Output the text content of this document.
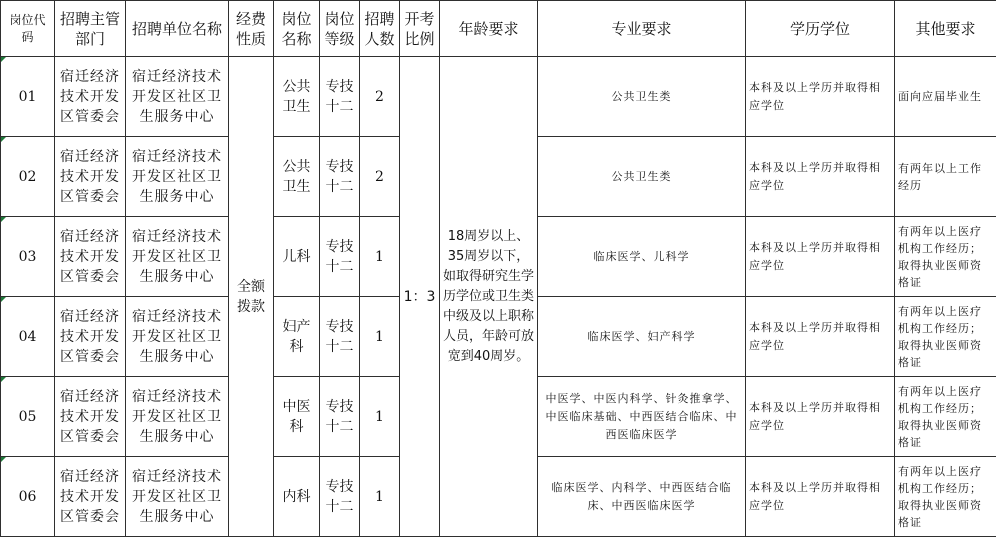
岗位代码	招聘主管部门	招聘单位名称	经费性质	岗位名称	岗位等级	招聘人数	开考比例	年龄要求	专业要求	学历学位	其他要求
01	宿迁经济技术开发区管委会	宿迁经济技术开发区社区卫生服务中心	全额拨款	公共卫生	专技十二	2	1：3	18周岁以上、35周岁以下，如取得研究生学历学位或卫生类中级及以上职称人员，年龄可放宽到40周岁。	公共卫生类	本科及以上学历并取得相应学位	面向应届毕业生
02	宿迁经济技术开发区管委会	宿迁经济技术开发区社区卫生服务中心		公共卫生	专技十二	2			公共卫生类	本科及以上学历并取得相应学位	有两年以上工作经历
03	宿迁经济技术开发区管委会	宿迁经济技术开发区社区卫生服务中心		儿科	专技十二	1			临床医学、儿科学	本科及以上学历并取得相应学位	有两年以上医疗机构工作经历；取得执业医师资格证
04	宿迁经济技术开发区管委会	宿迁经济技术开发区社区卫生服务中心		妇产科	专技十二	1			临床医学、妇产科学	本科及以上学历并取得相应学位	有两年以上医疗机构工作经历；取得执业医师资格证
05	宿迁经济技术开发区管委会	宿迁经济技术开发区社区卫生服务中心		中医科	专技十二	1			中医学、中医内科学、针灸推拿学、中医临床基础、中西医结合临床、中西医临床医学	本科及以上学历并取得相应学位	有两年以上医疗机构工作经历；取得执业医师资格证
06	宿迁经济技术开发区管委会	宿迁经济技术开发区社区卫生服务中心		内科	专技十二	1			临床医学、内科学、中西医结合临床、中西医临床医学	本科及以上学历并取得相应学位	有两年以上医疗机构工作经历；取得执业医师资格证
